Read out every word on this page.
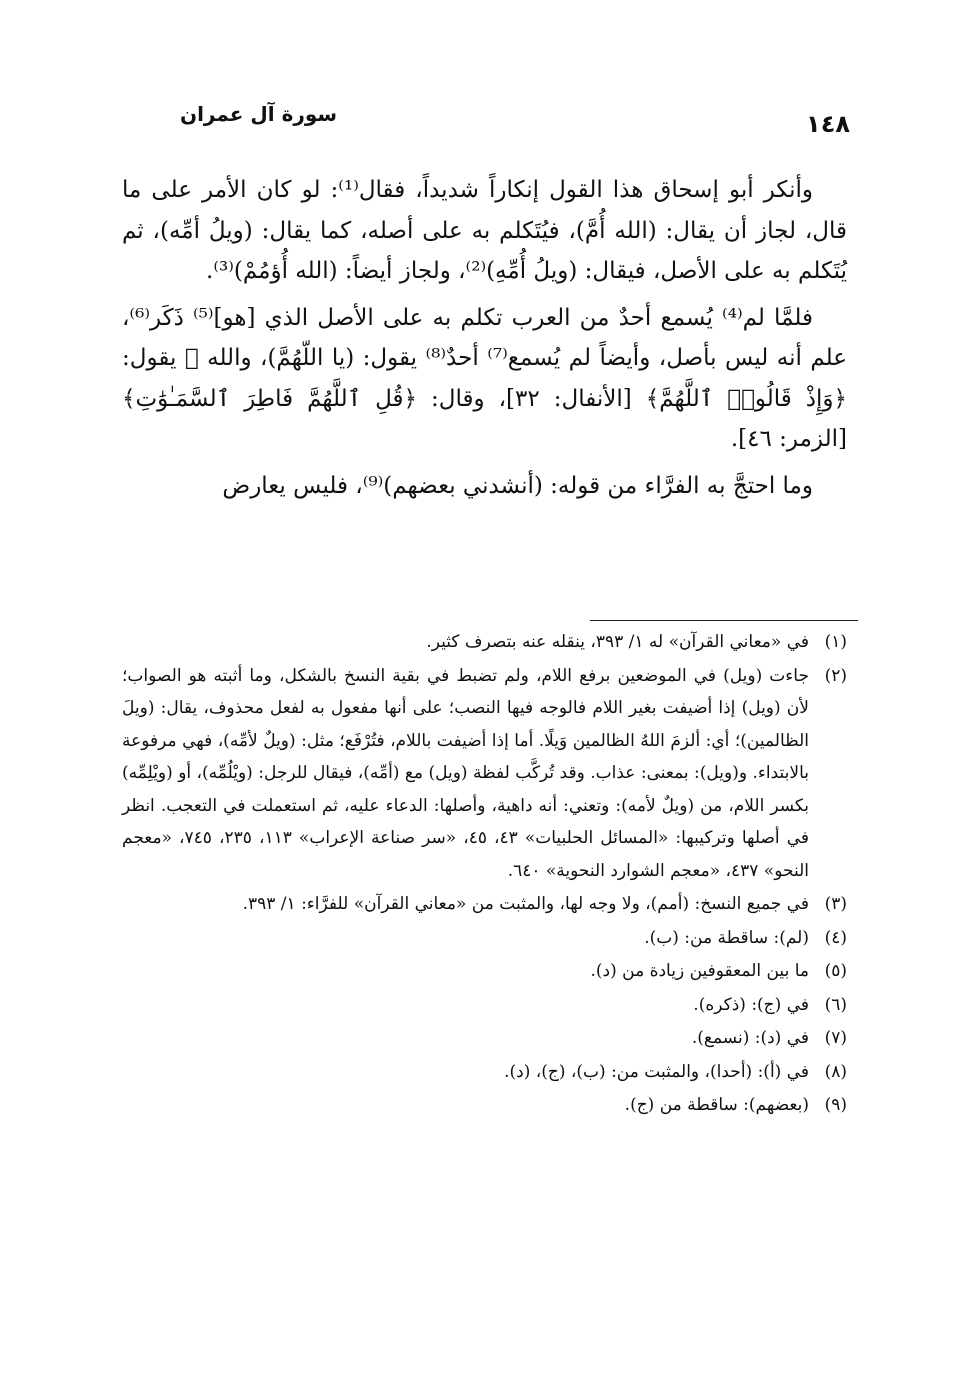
سورة آل عمران	١٤٨

وأنكر أبو إسحاق هذا القول إنكاراً شديداً، فقال⁽¹⁾: لو كان الأمر على ما قال، لجاز أن يقال: (الله أُمَّ)، فيُتَكلم به على أصله، كما يقال: (ويلُ أمِّه)، ثم يُتَكلم به على الأصل، فيقال: (ويلُ أُمِّهِ)⁽²⁾، ولجاز أيضاً: (الله أُؤمُمْ)⁽³⁾.

فلمَّا لم⁽⁴⁾ يُسمع أحدٌ من العرب تكلم به على الأصل الذي [هو]⁽⁵⁾ ذَكَر⁽⁶⁾، علم أنه ليس بأصل، وأيضاً لم يُسمع⁽⁷⁾ أحدٌ⁽⁸⁾ يقول: (يا اللّهُمَّ)، والله ﷻ يقول: ﴿وَإِذْ قَالُوا۟ ٱللَّهُمَّ﴾ [الأنفال: ٣٢]، وقال: ﴿قُلِ ٱللَّهُمَّ فَاطِرَ ٱلسَّمَـٰوَٰتِ﴾ [الزمر: ٤٦].

وما احتجَّ به الفرَّاء من قوله: (أنشدني بعضهم)⁽⁹⁾، فليس يعارض

(١)
في «معاني القرآن» له ١/ ٣٩٣، ينقله عنه بتصرف كثير.
(٢)
جاءت (ويل) في الموضعين برفع اللام، ولم تضبط في بقية النسخ بالشكل، وما أثبته هو الصواب؛ لأن (ويل) إذا أضيفت بغير اللام فالوجه فيها النصب؛ على أنها مفعول به لفعل محذوف، يقال: (ويلَ الظالمين)؛ أي: ألزمَ اللهُ الظالمين وَيلًا. أما إذا أضيفت باللام، فتُرْفَع؛ مثل: (ويلٌ لأمِّه)، فهي مرفوعة بالابتداء. و(ويل): بمعنى: عذاب. وقد تُركَّب لفظة (ويل) مع (أمِّه)، فيقال للرجل: (ويْلُمِّه)، أو (ويْلِمِّه) بكسر اللام، من (ويلٌ لأمه): وتعني: أنه داهية، وأصلها: الدعاء عليه، ثم استعملت في التعجب. انظر في أصلها وتركيبها: «المسائل الحلبيات» ٤٣، ٤٥، «سر صناعة الإعراب» ١١٣، ٢٣٥، ٧٤٥، «معجم النحو» ٤٣٧، «معجم الشوارد النحوية» ٦٤٠.
(٣)
في جميع النسخ: (أمم)، ولا وجه لها، والمثبت من «معاني القرآن» للفرَّاء: ١/ ٣٩٣.
(٤)
(لم): ساقطة من: (ب).
(٥)
ما بين المعقوفين زيادة من (د).
(٦)
في (ج): (ذكره).
(٧)
في (د): (نسمع).
(٨)
في (أ): (أحدا)، والمثبت من: (ب)، (ج)، (د).
(٩)
(بعضهم): ساقطة من (ج).
